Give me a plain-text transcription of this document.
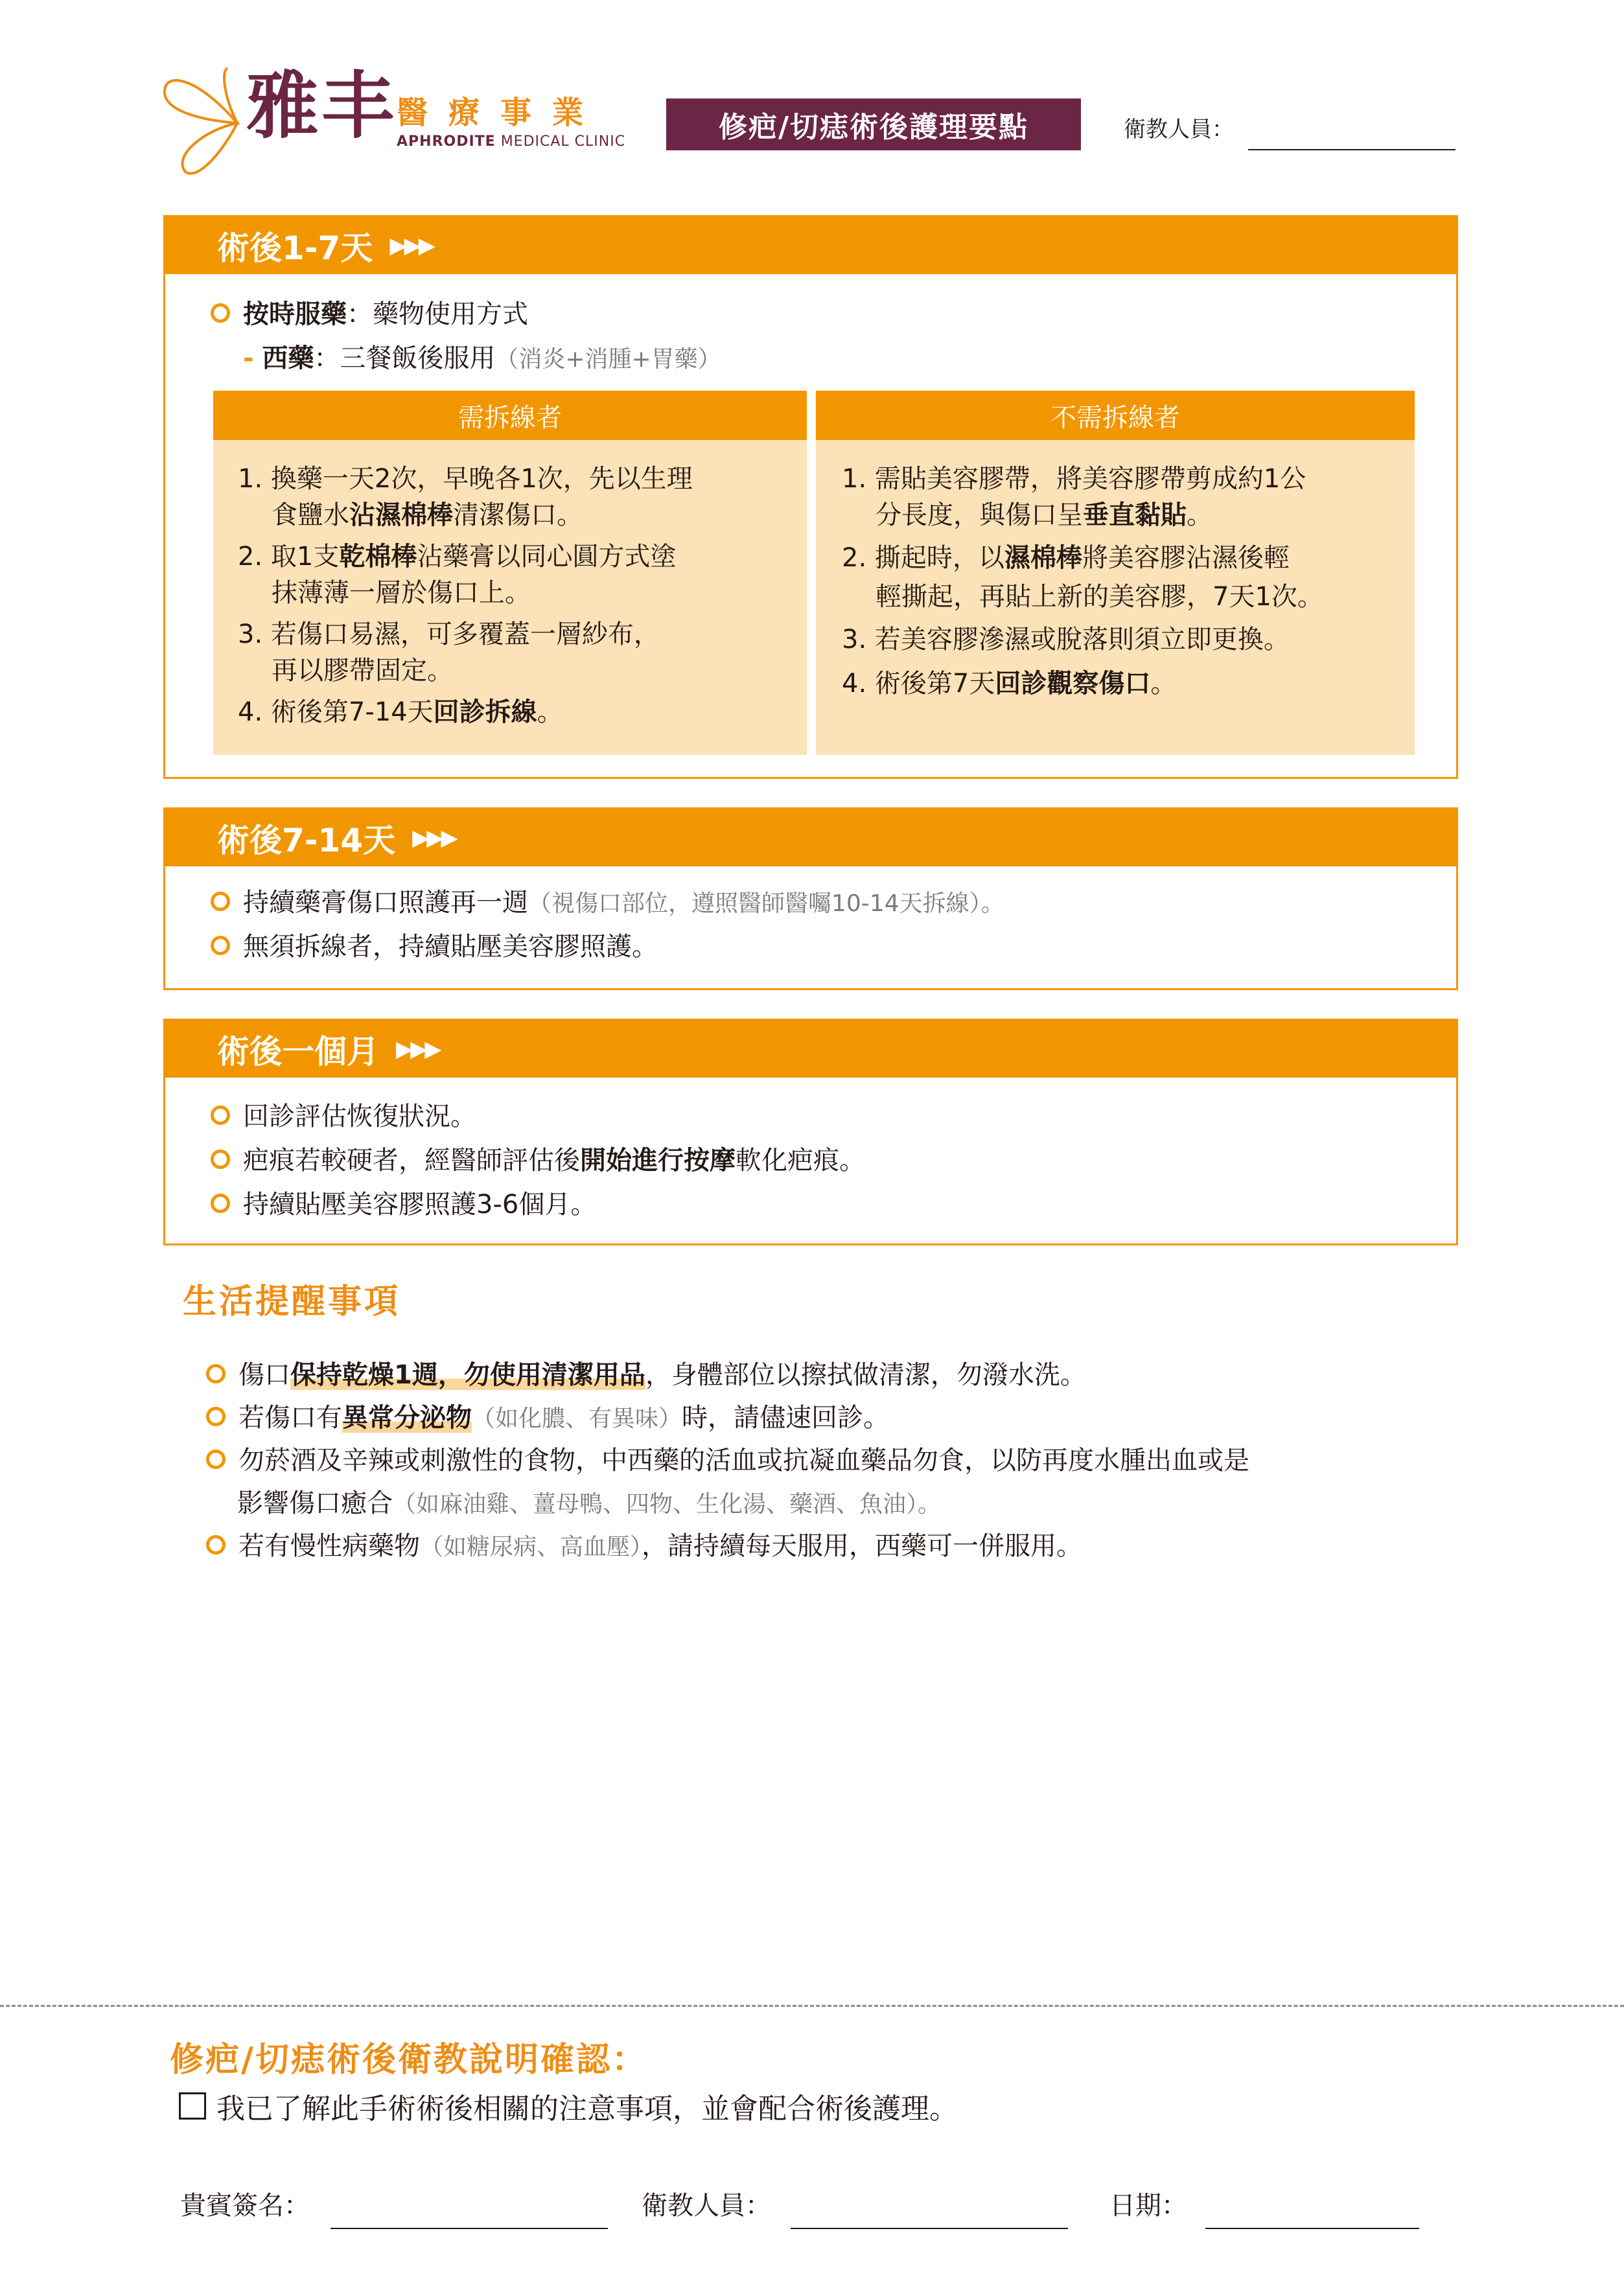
雅丰 醫療事業
APHRODITE MEDICAL CLINIC	修疤/切痣術後護理要點	衛教人員：
術後1-7天 ▶▶▶
按時服藥：藥物使用方式
- 西藥：三餐飯後服用（消炎+消腫+胃藥）
需拆線者
1. 換藥一天2次，早晚各1次，先以生理
食鹽水沾濕棉棒清潔傷口。
2. 取1支乾棉棒沾藥膏以同心圓方式塗
抹薄薄一層於傷口上。
3. 若傷口易濕，可多覆蓋一層紗布，
再以膠帶固定。
4. 術後第7-14天回診拆線。
不需拆線者
1. 需貼美容膠帶，將美容膠帶剪成約1公
分長度，與傷口呈垂直黏貼。
2. 撕起時，以濕棉棒將美容膠沾濕後輕
輕撕起，再貼上新的美容膠，7天1次。
3. 若美容膠滲濕或脫落則須立即更換。
4. 術後第7天回診觀察傷口。
術後7-14天 ▶▶▶
持續藥膏傷口照護再一週（視傷口部位，遵照醫師醫囑10-14天拆線）。
無須拆線者，持續貼壓美容膠照護。
術後一個月 ▶▶▶
回診評估恢復狀況。
疤痕若較硬者，經醫師評估後開始進行按摩軟化疤痕。
持續貼壓美容膠照護3-6個月。
生活提醒事項
傷口保持乾燥1週，勿使用清潔用品，身體部位以擦拭做清潔，勿潑水洗。
若傷口有異常分泌物（如化膿、有異味）時，請儘速回診。
勿菸酒及辛辣或刺激性的食物，中西藥的活血或抗凝血藥品勿食，以防再度水腫出血或是
影響傷口癒合（如麻油雞、薑母鴨、四物、生化湯、藥酒、魚油）。
若有慢性病藥物（如糖尿病、高血壓），請持續每天服用，西藥可一併服用。
修疤/切痣術後衛教說明確認：
我已了解此手術術後相關的注意事項，並會配合術後護理。
貴賓簽名：	衛教人員：	日期：
